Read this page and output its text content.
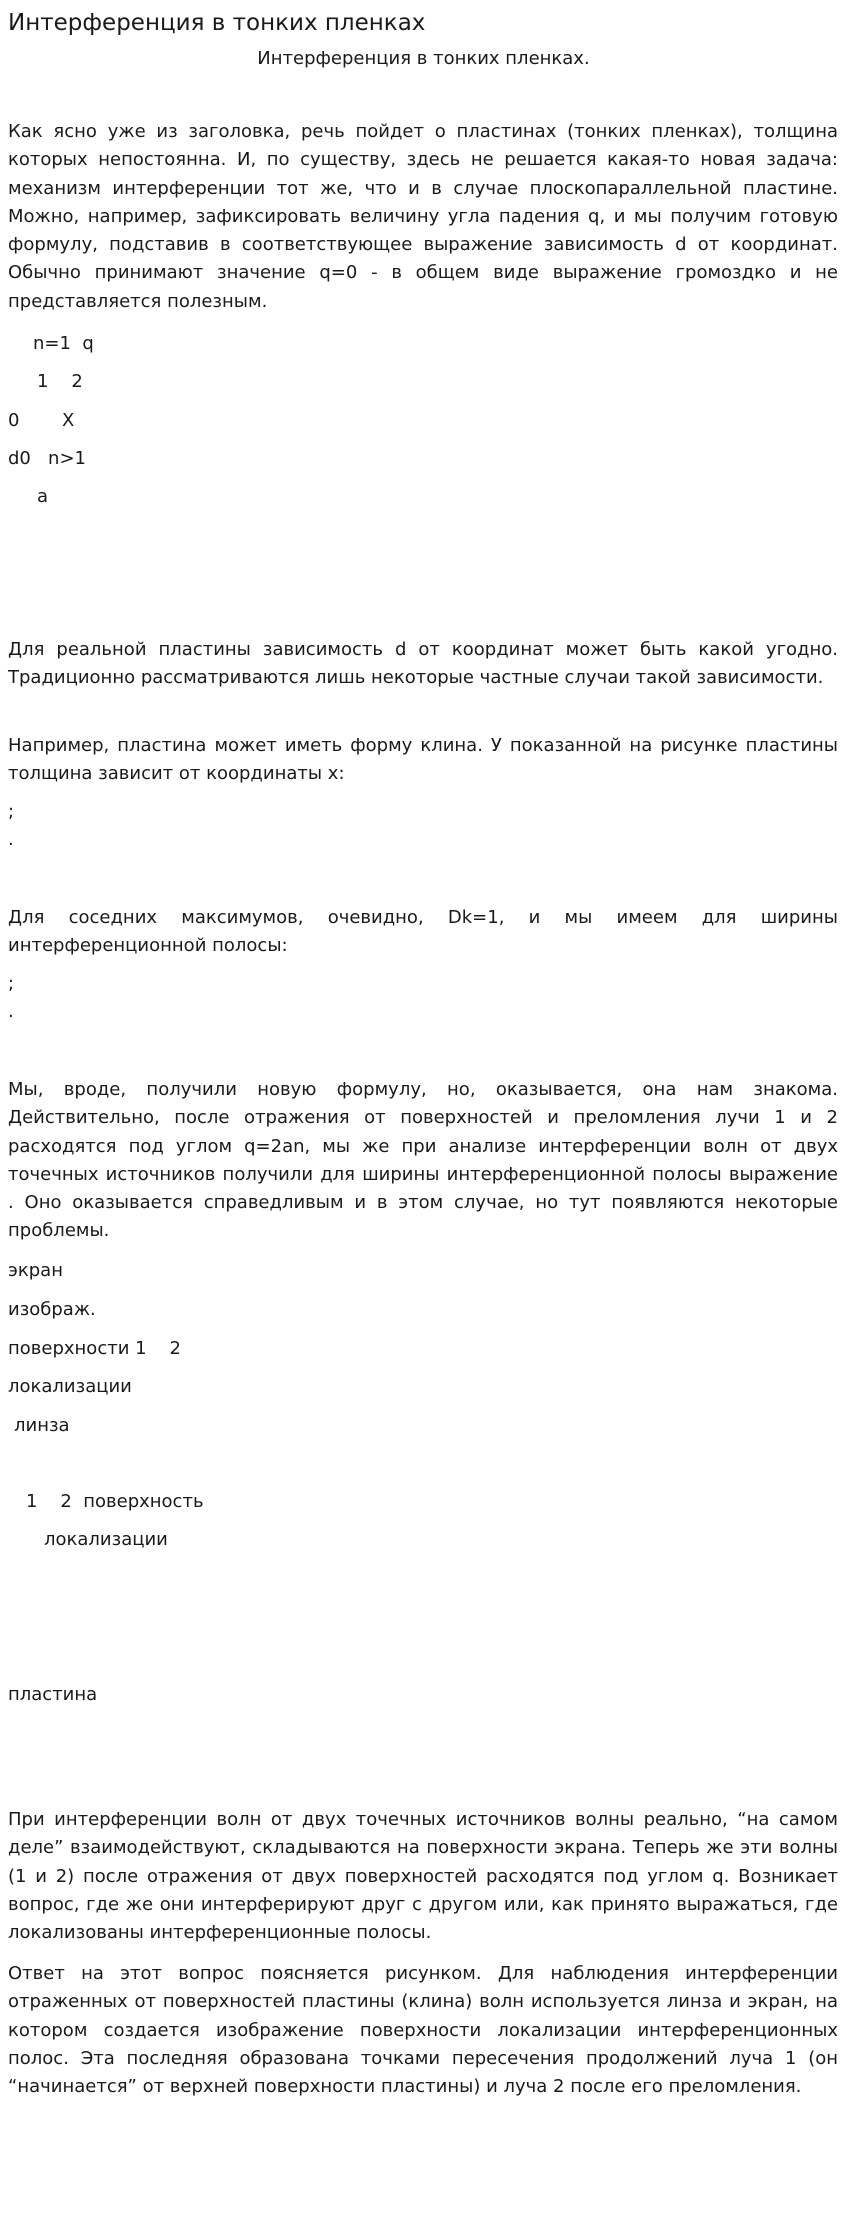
Интерференция в тонких пленках
Интерференция в тонких пленках.

Как ясно уже из заголовка, речь пойдет о пластинах (тонких пленках), толщина которых непостоянна. И, по существу, здесь не решается какая-то новая задача: механизм интерференции тот же, что и в случае плоскопараллельной пластине. Можно, например, зафиксировать величину угла падения q, и мы получим готовую формулу, подставив в соответствующее выражение зависимость d от координат. Обычно принимают значение q=0 - в общем виде выражение громоздко и не представляется полезным.

n=1  q
1    2
0 X
d0   n>1
a

Для реальной пластины зависимость d от координат может быть какой угодно. Традиционно рассматриваются лишь некоторые частные случаи такой зависимости.

Например, пластина может иметь форму клина. У показанной на рисунке пластины толщина зависит от координаты x:

;
.

Для соседних максимумов, очевидно, Dk=1, и мы имеем для ширины интерференционной полосы:

;
.

Мы, вроде, получили новую формулу, но, оказывается, она нам знакома. Действительно, после отражения от поверхностей и преломления лучи 1 и 2 расходятся под углом q=2an, мы же при анализе интерференции волн от двух точечных источников получили для ширины интерференционной полосы выражение . Оно оказывается справедливым и в этом случае, но тут появляются некоторые проблемы.

экран
изображ.
поверхности 1    2
локализации
линза
1    2  поверхность
локализации
пластина

При интерференции волн от двух точечных источников волны реально, “на самом деле” взаимодействуют, складываются на поверхности экрана. Теперь же эти волны (1 и 2) после отражения от двух поверхностей расходятся под углом q. Возникает вопрос, где же они интерферируют друг с другом или, как принято выражаться, где локализованы интерференционные полосы.

Ответ на этот вопрос поясняется рисунком. Для наблюдения интерференции отраженных от поверхностей пластины (клина) волн используется линза и экран, на котором создается изображение поверхности локализации интерференционных полос. Эта последняя образована точками пересечения продолжений луча 1 (он “начинается” от верхней поверхности пластины) и луча 2 после его преломления.
